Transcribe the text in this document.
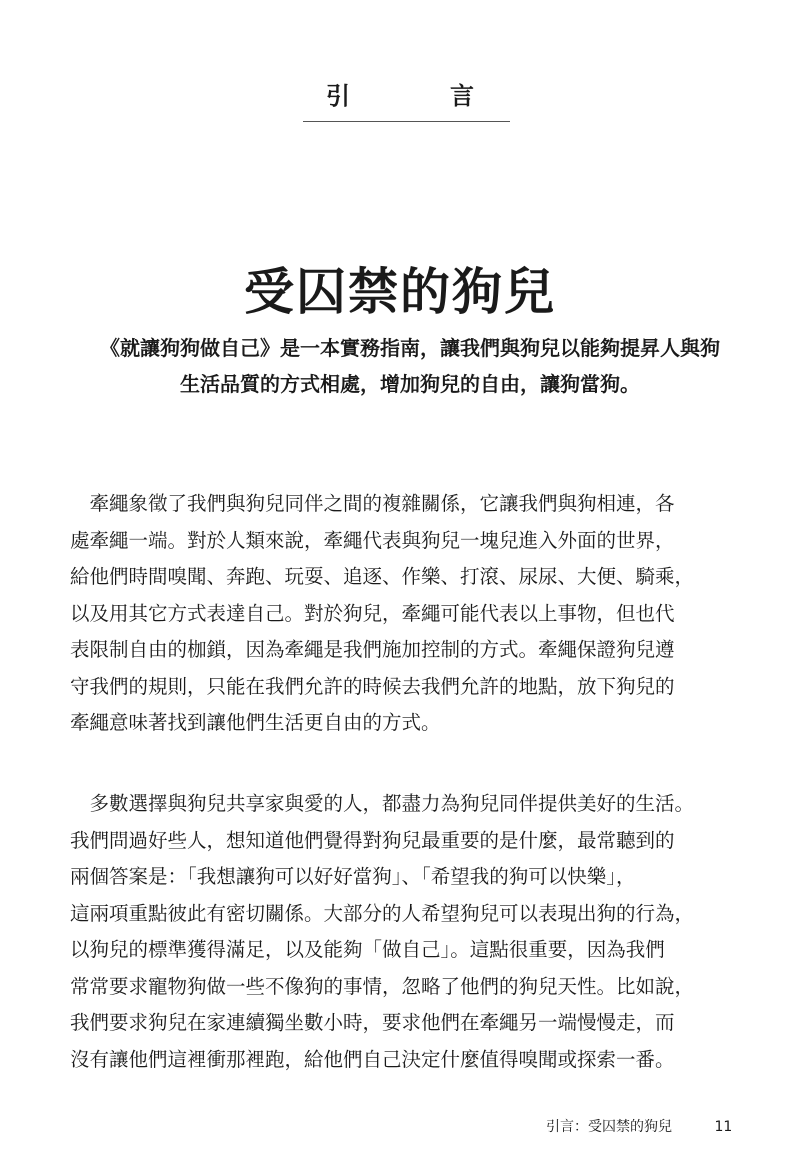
引　言
受囚禁的狗兒
《就讓狗狗做自己》是一本實務指南，讓我們與狗兒以能夠提昇人與狗
生活品質的方式相處，增加狗兒的自由，讓狗當狗。
　牽繩象徵了我們與狗兒同伴之間的複雜關係，它讓我們與狗相連，各
處牽繩一端。對於人類來說，牽繩代表與狗兒一塊兒進入外面的世界，
給他們時間嗅聞、奔跑、玩耍、追逐、作樂、打滾、尿尿、大便、騎乘，
以及用其它方式表達自己。對於狗兒，牽繩可能代表以上事物，但也代
表限制自由的枷鎖，因為牽繩是我們施加控制的方式。牽繩保證狗兒遵
守我們的規則，只能在我們允許的時候去我們允許的地點，放下狗兒的
牽繩意味著找到讓他們生活更自由的方式。
　多數選擇與狗兒共享家與愛的人，都盡力為狗兒同伴提供美好的生活。
我們問過好些人，想知道他們覺得對狗兒最重要的是什麼，最常聽到的
兩個答案是：「我想讓狗可以好好當狗」、「希望我的狗可以快樂」，
這兩項重點彼此有密切關係。大部分的人希望狗兒可以表現出狗的行為，
以狗兒的標準獲得滿足，以及能夠「做自己」。這點很重要，因為我們
常常要求寵物狗做一些不像狗的事情，忽略了他們的狗兒天性。比如說，
我們要求狗兒在家連續獨坐數小時，要求他們在牽繩另一端慢慢走，而
沒有讓他們這裡衝那裡跑，給他們自己決定什麼值得嗅聞或探索一番。
引言：受囚禁的狗兒	11
